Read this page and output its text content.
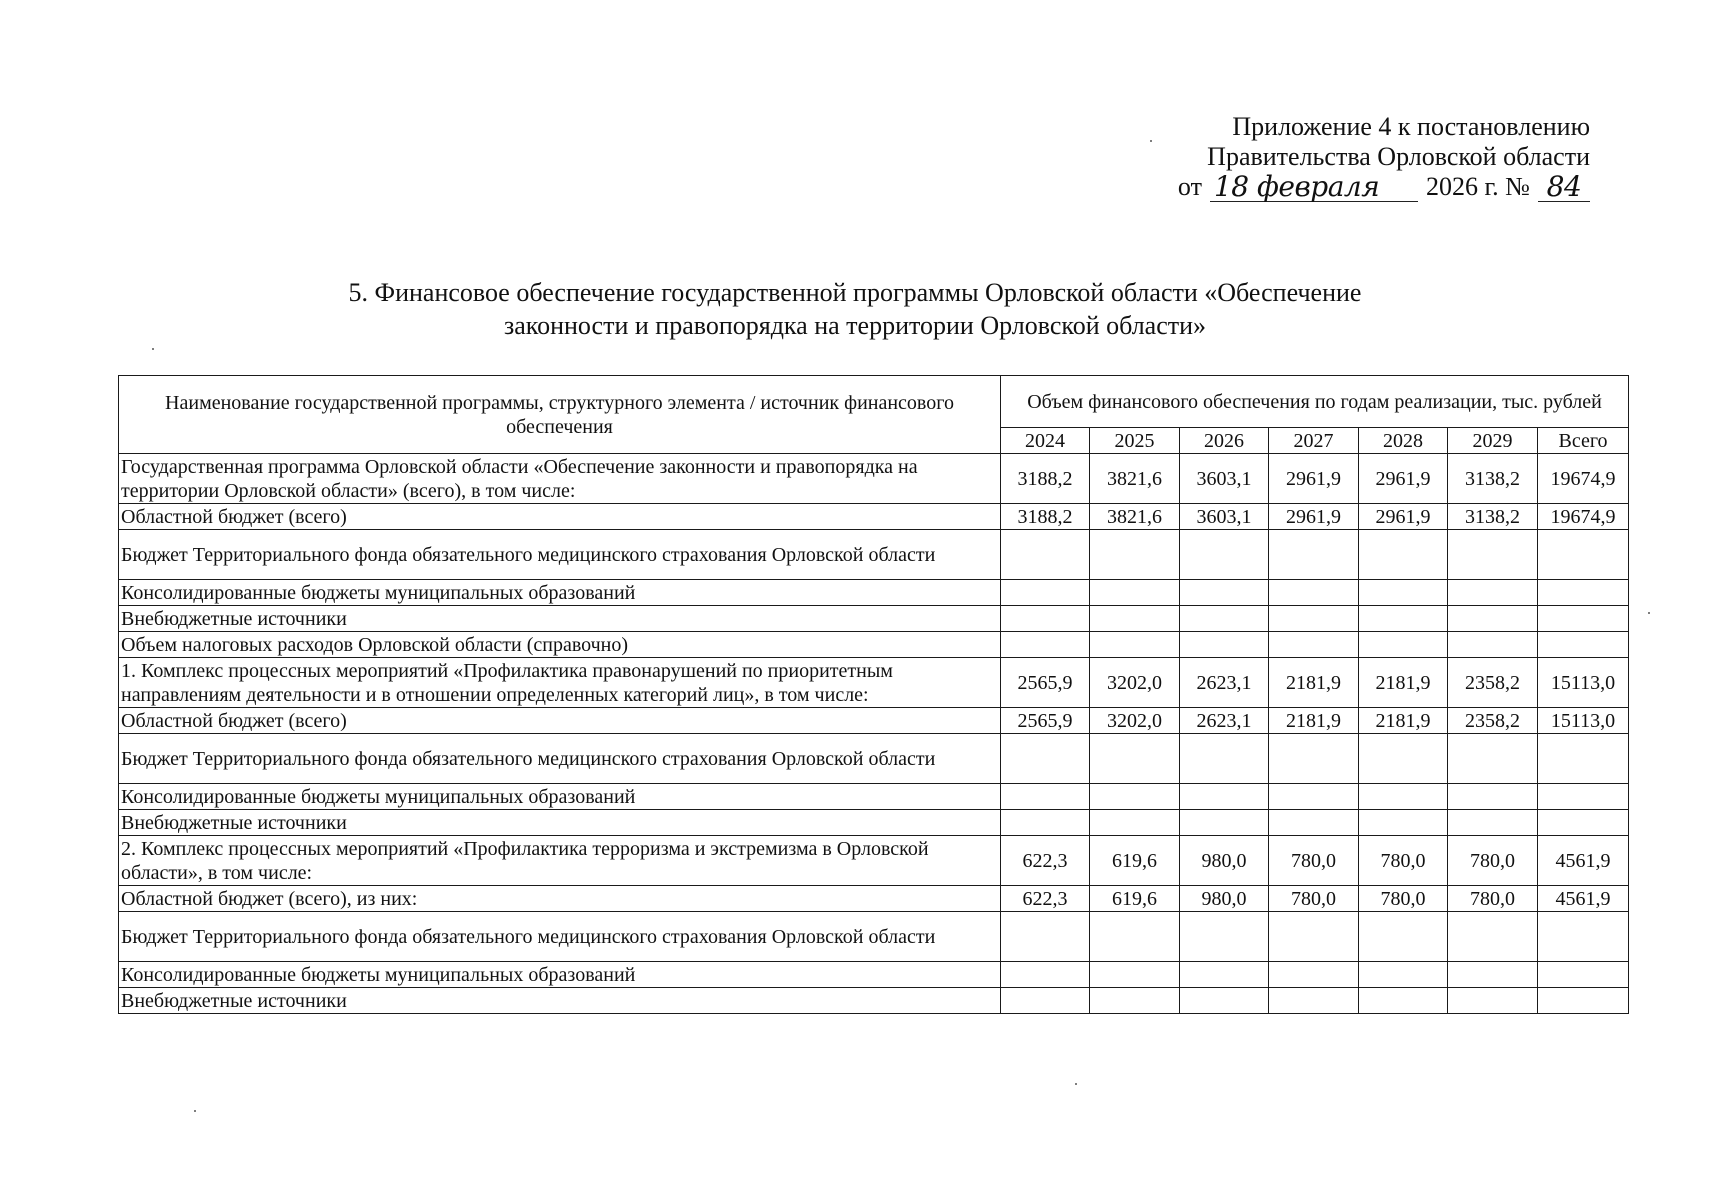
Приложение 4 к постановлению
Правительства Орловской области
от 18 февраля	2026 г. № 84
5. Финансовое обеспечение государственной программы Орловской области «Обеспечение
законности и правопорядка на территории Орловской области»
Наименование государственной программы, структурного элемента / источник финансового обеспечения	Объем финансового обеспечения по годам реализации, тыс. рублей						
	2024	2025	2026	2027	2028	2029	Всего
Государственная программа Орловской области «Обеспечение законности и правопорядка на территории Орловской области» (всего), в том числе:	3188,2	3821,6	3603,1	2961,9	2961,9	3138,2	19674,9
Областной бюджет (всего)	3188,2	3821,6	3603,1	2961,9	2961,9	3138,2	19674,9
Бюджет Территориального фонда обязательного медицинского страхования Орловской области							
Консолидированные бюджеты муниципальных образований							
Внебюджетные источники							
Объем налоговых расходов Орловской области (справочно)							
1. Комплекс процессных мероприятий «Профилактика правонарушений по приоритетным направлениям деятельности и в отношении определенных категорий лиц», в том числе:	2565,9	3202,0	2623,1	2181,9	2181,9	2358,2	15113,0
Областной бюджет (всего)	2565,9	3202,0	2623,1	2181,9	2181,9	2358,2	15113,0
Бюджет Территориального фонда обязательного медицинского страхования Орловской области							
Консолидированные бюджеты муниципальных образований							
Внебюджетные источники							
2. Комплекс процессных мероприятий «Профилактика терроризма и экстремизма в Орловской области», в том числе:	622,3	619,6	980,0	780,0	780,0	780,0	4561,9
Областной бюджет (всего), из них:	622,3	619,6	980,0	780,0	780,0	780,0	4561,9
Бюджет Территориального фонда обязательного медицинского страхования Орловской области							
Консолидированные бюджеты муниципальных образований							
Внебюджетные источники							
